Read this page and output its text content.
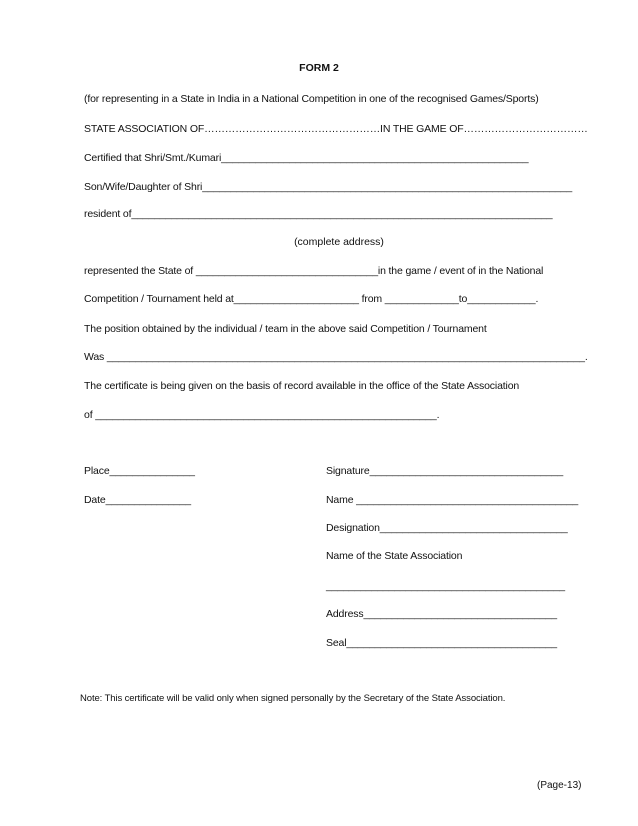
FORM 2
(for representing in a State in India in a National Competition in one of the recognised Games/Sports)
STATE ASSOCIATION OF……………………………………………IN THE GAME OF………………………………
Certified that Shri/Smt./Kumari______________________________________________________
Son/Wife/Daughter of Shri_________________________________________________________________
resident of__________________________________________________________________________
(complete address)
represented the State of ________________________________in the game / event of in the National
Competition / Tournament held at______________________ from _____________to____________.
The position obtained by the individual / team in the above said Competition / Tournament
Was ____________________________________________________________________________________.
The certificate is being given on the basis of record available in the office of the State Association
of ____________________________________________________________.
Place_______________
Date_______________
Signature__________________________________
Name _______________________________________
Designation_________________________________
Name of the State Association
__________________________________________
Address__________________________________
Seal_____________________________________
Note: This certificate will be valid only when signed personally by the Secretary of the State Association.
(Page-13)
